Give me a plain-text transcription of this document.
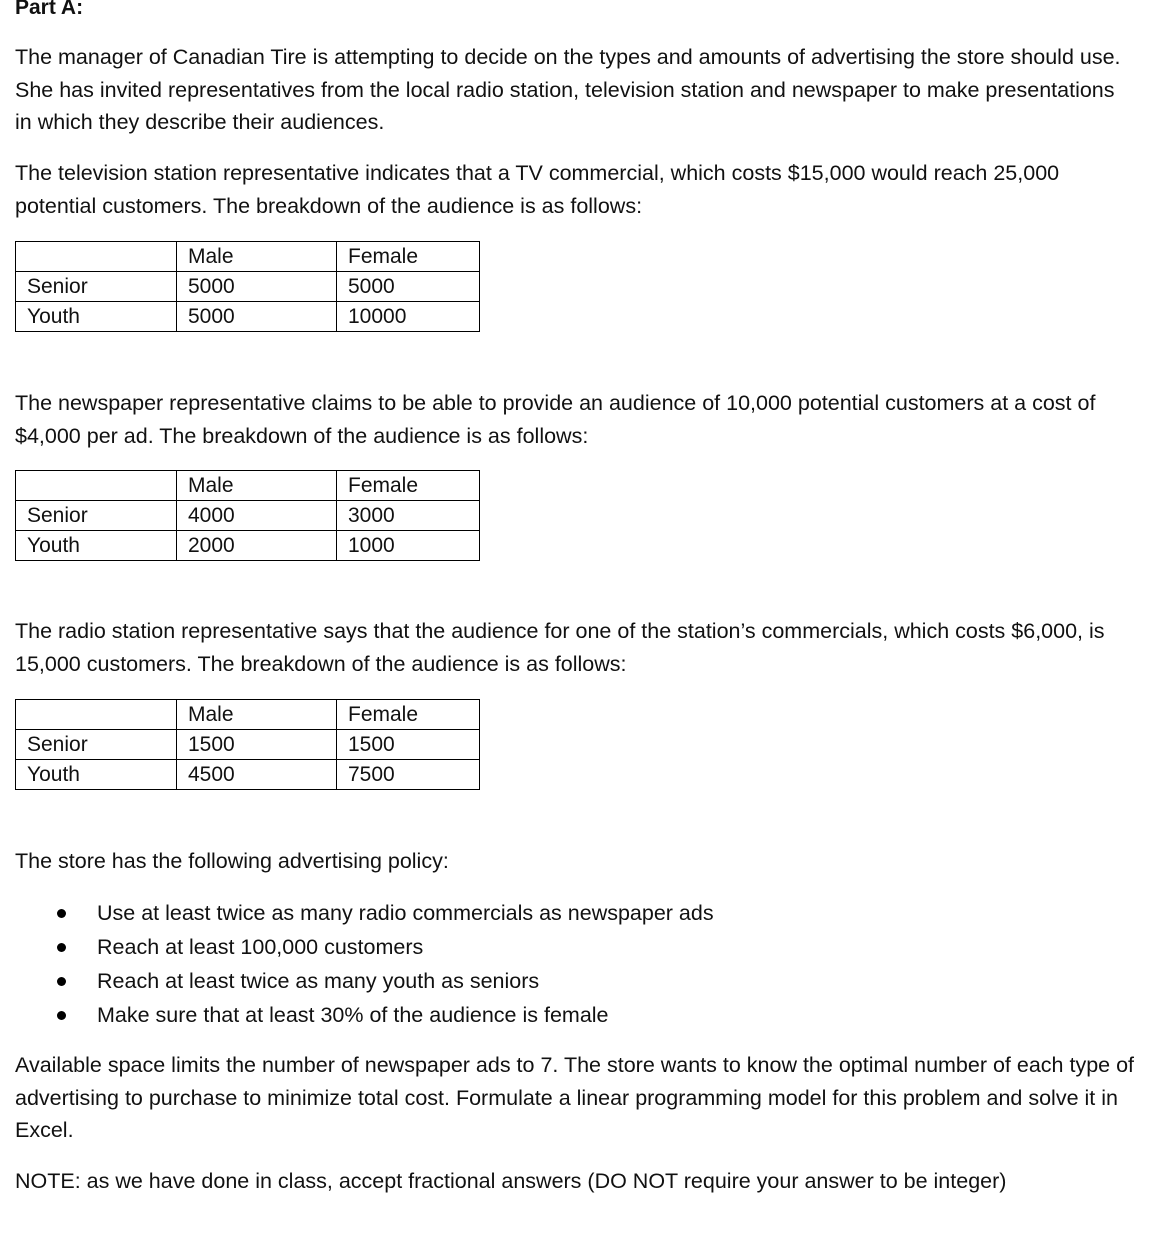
Part A:

The manager of Canadian Tire is attempting to decide on the types and amounts of advertising the store should use. She has invited representatives from the local radio station, television station and newspaper to make presentations in which they describe their audiences.

The television station representative indicates that a TV commercial, which costs $15,000 would reach 25,000 potential customers. The breakdown of the audience is as follows:

	Male	Female
Senior	5000	5000
Youth	5000	10000

The newspaper representative claims to be able to provide an audience of 10,000 potential customers at a cost of $4,000 per ad. The breakdown of the audience is as follows:

	Male	Female
Senior	4000	3000
Youth	2000	1000

The radio station representative says that the audience for one of the station’s commercials, which costs $6,000, is 15,000 customers. The breakdown of the audience is as follows:

	Male	Female
Senior	1500	1500
Youth	4500	7500

The store has the following advertising policy:

Use at least twice as many radio commercials as newspaper ads
Reach at least 100,000 customers
Reach at least twice as many youth as seniors
Make sure that at least 30% of the audience is female

Available space limits the number of newspaper ads to 7. The store wants to know the optimal number of each type of advertising to purchase to minimize total cost. Formulate a linear programming model for this problem and solve it in Excel.

NOTE: as we have done in class, accept fractional answers (DO NOT require your answer to be integer)
